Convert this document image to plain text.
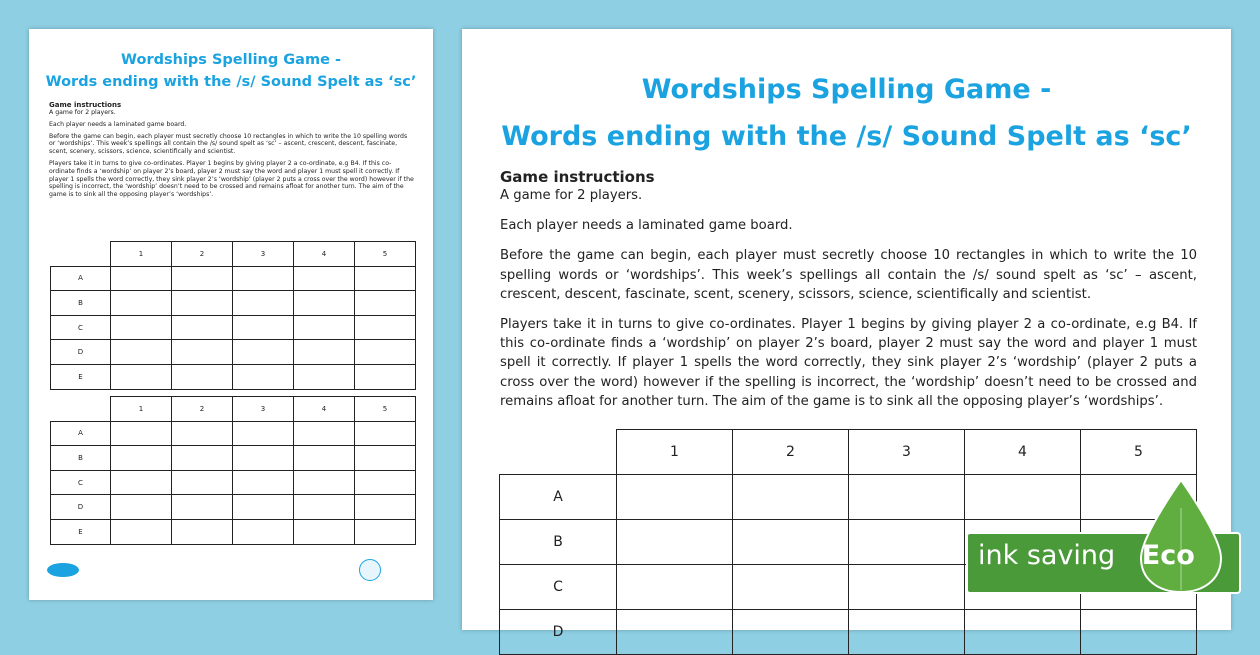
Wordships Spelling Game -
Words ending with the /s/ Sound Spelt as ‘sc’
Game instructions

A game for 2 players.

Each player needs a laminated game board.

Before the game can begin, each player must secretly choose 10 rectangles in which to write the 10 spelling words or ‘wordships’. This week’s spellings all contain the /s/ sound spelt as ‘sc’ – ascent, crescent, descent, fascinate, scent, scenery, scissors, science, scientifically and scientist.

Players take it in turns to give co-ordinates. Player 1 begins by giving player 2 a co-ordinate, e.g B4. If this co-ordinate finds a ‘wordship’ on player 2’s board, player 2 must say the word and player 1 must spell it correctly. If player 1 spells the word correctly, they sink player 2’s ‘wordship’ (player 2 puts a cross over the word) however if the spelling is incorrect, the ‘wordship’ doesn’t need to be crossed and remains afloat for another turn. The aim of the game is to sink all the opposing player’s ‘wordships’.

	1	2	3	4	5
A					
B					
C					
D					
E					
	1	2	3	4	5
A					
B					
C					
D					
E					
Wordships Spelling Game -
Words ending with the /s/ Sound Spelt as ‘sc’
Game instructions

A game for 2 players.

Each player needs a laminated game board.

Before the game can begin, each player must secretly choose 10 rectangles in which to write the 10 spelling words or ‘wordships’. This week’s spellings all contain the /s/ sound spelt as ‘sc’ – ascent, crescent, descent, fascinate, scent, scenery, scissors, science, scientifically and scientist.

Players take it in turns to give co-ordinates. Player 1 begins by giving player 2 a co-ordinate, e.g B4. If this co-ordinate finds a ‘wordship’ on player 2’s board, player 2 must say the word and player 1 must spell it correctly. If player 1 spells the word correctly, they sink player 2’s ‘wordship’ (player 2 puts a cross over the word) however if the spelling is incorrect, the ‘wordship’ doesn’t need to be crossed and remains afloat for another turn. The aim of the game is to sink all the opposing player’s ‘wordships’.

	1	2	3	4	5
A					
B					
C					
D					
ink saving Eco
